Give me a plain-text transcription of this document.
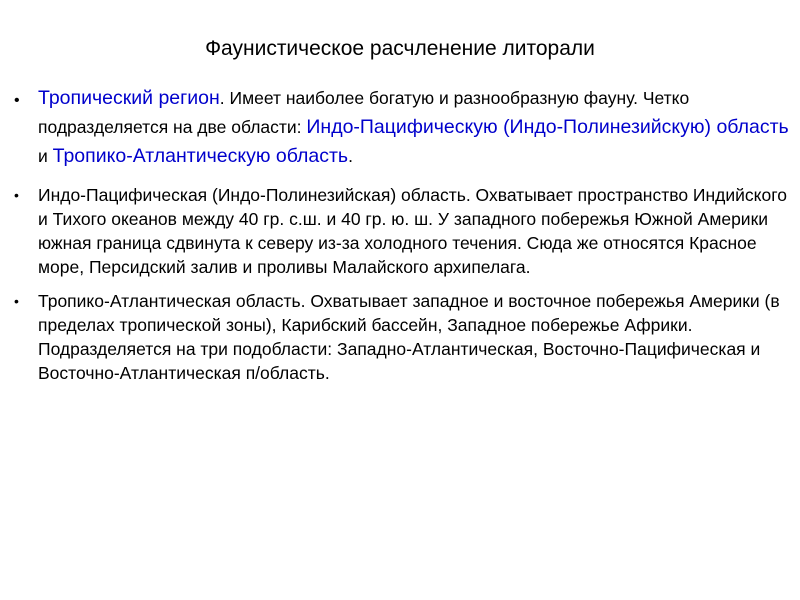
Фаунистическое расчленение литорали
• Тропический регион. Имеет наиболее богатую и разнообразную фауну. Четко подразделяется на две области: Индо-Пацифическую (Индо-Полинезийскую) область и Тропико-Атлантическую область.
• Индо-Пацифическая (Индо-Полинезийская) область. Охватывает пространство Индийского и Тихого океанов между 40 гр. с.ш. и 40 гр. ю. ш. У западного побережья Южной Америки южная граница сдвинута к северу из-за холодного течения. Сюда же относятся Красное море, Персидский залив и проливы Малайского архипелага.
• Тропико-Атлантическая область. Охватывает западное и восточное побережья Америки (в пределах тропической зоны), Карибский бассейн, Западное побережье Африки. Подразделяется на три подобласти: Западно-Атлантическая, Восточно-Пацифическая и Восточно-Атлантическая п/область.
